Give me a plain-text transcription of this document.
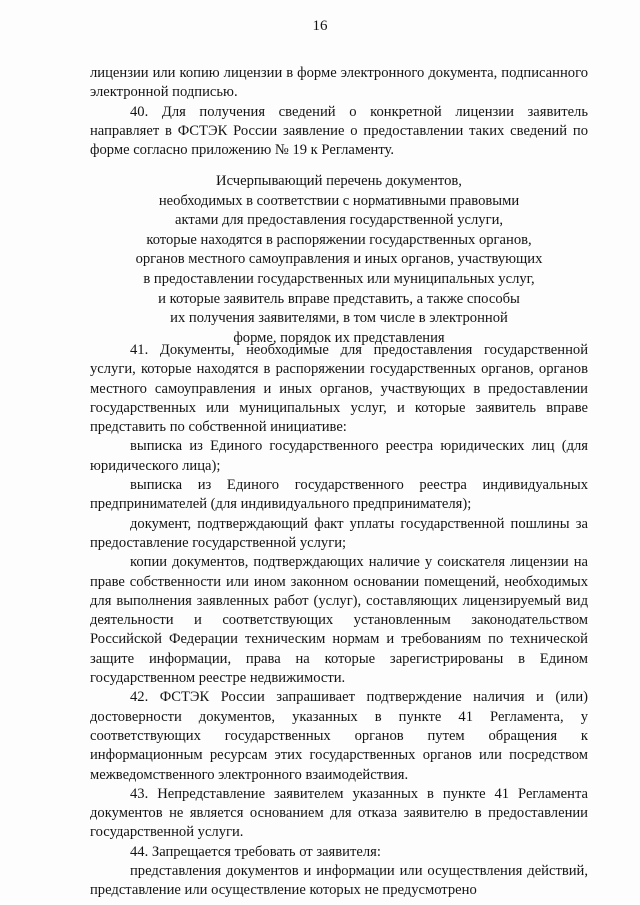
16

лицензии или копию лицензии в форме электронного документа, подписанного электронной подписью.

40. Для получения сведений о конкретной лицензии заявитель направляет в ФСТЭК России заявление о предоставлении таких сведений по форме согласно приложению № 19 к Регламенту.

Исчерпывающий перечень документов,
необходимых в соответствии с нормативными правовыми
актами для предоставления государственной услуги,
которые находятся в распоряжении государственных органов,
органов местного самоуправления и иных органов, участвующих
в предоставлении государственных или муниципальных услуг,
и которые заявитель вправе представить, а также способы
их получения заявителями, в том числе в электронной
форме, порядок их представления

41. Документы, необходимые для предоставления государственной услуги, которые находятся в распоряжении государственных органов, органов местного самоуправления и иных органов, участвующих в предоставлении государственных или муниципальных услуг, и которые заявитель вправе представить по собственной инициативе:

выписка из Единого государственного реестра юридических лиц (для юридического лица);

выписка из Единого государственного реестра индивидуальных предпринимателей (для индивидуального предпринимателя);

документ, подтверждающий факт уплаты государственной пошлины за предоставление государственной услуги;

копии документов, подтверждающих наличие у соискателя лицензии на праве собственности или ином законном основании помещений, необходимых для выполнения заявленных работ (услуг), составляющих лицензируемый вид деятельности и соответствующих установленным законодательством Российской Федерации техническим нормам и требованиям по технической защите информации, права на которые зарегистрированы в Едином государственном реестре недвижимости.

42. ФСТЭК России запрашивает подтверждение наличия и (или) достоверности документов, указанных в пункте 41 Регламента, у соответствующих государственных органов путем обращения к информационным ресурсам этих государственных органов или посредством межведомственного электронного взаимодействия.

43. Непредставление заявителем указанных в пункте 41 Регламента документов не является основанием для отказа заявителю в предоставлении государственной услуги.

44. Запрещается требовать от заявителя:

представления документов и информации или осуществления действий, представление или осуществление которых не предусмотрено
